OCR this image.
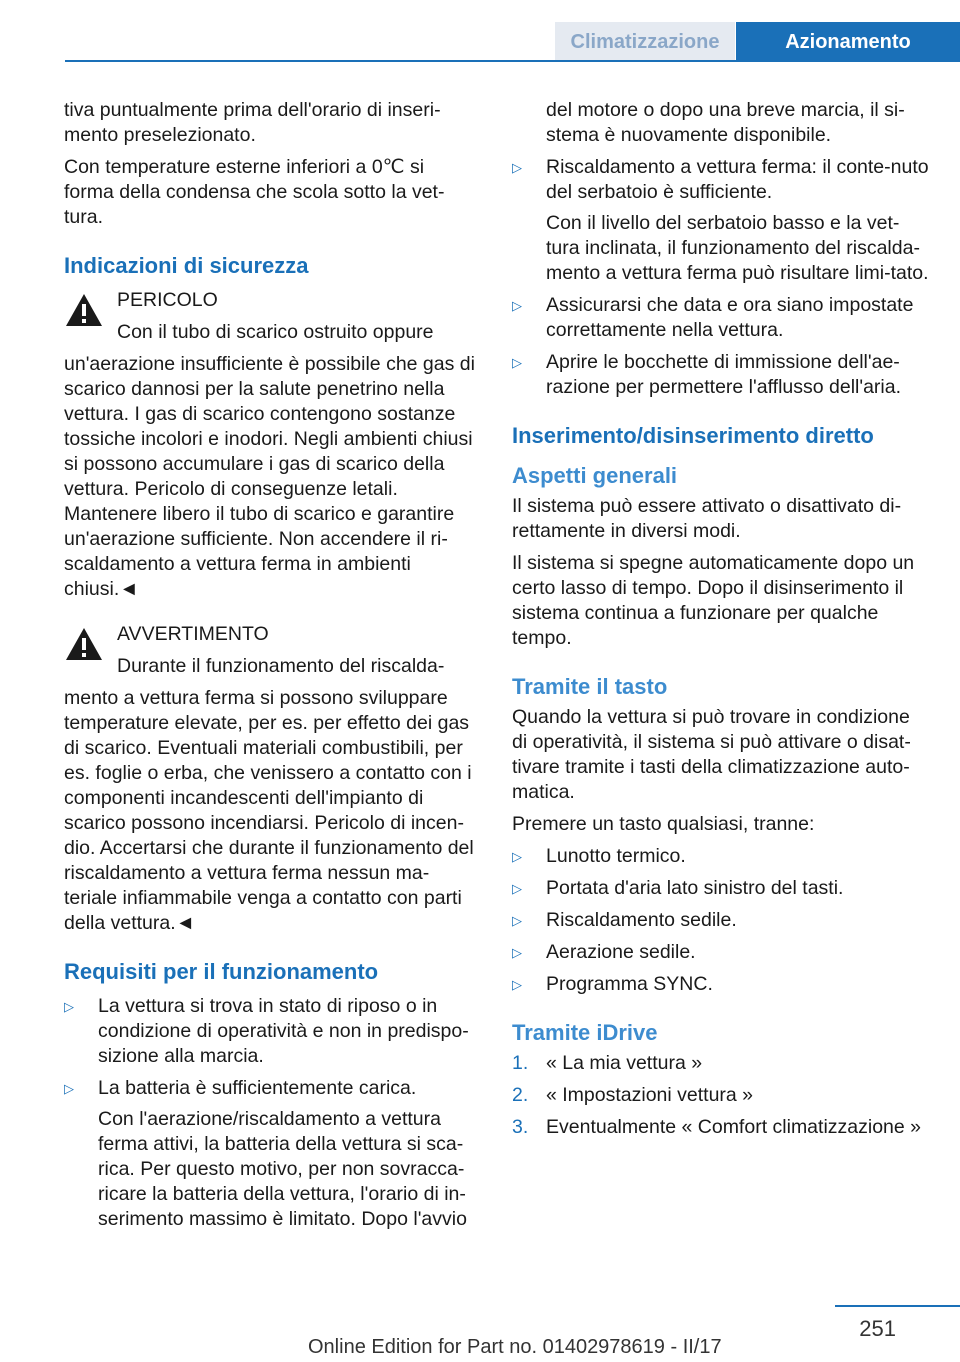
Climatizzazione	Azionamento

tiva puntualmente prima dell'orario di inseri‐mento preselezionato.

Con temperature esterne inferiori a 0℃ si forma della condensa che scola sotto la vet‐tura.

Indicazioni di sicurezza

PERICOLO

Con il tubo di scarico ostruito oppure

un'aerazione insufficiente è possibile che gas di scarico dannosi per la salute penetrino nella vettura. I gas di scarico contengono sostanze tossiche incolori e inodori. Negli ambienti chiusi si possono accumulare i gas di scarico della vettura. Pericolo di conseguenze letali. Mantenere libero il tubo di scarico e garantire un'aerazione sufficiente. Non accendere il ri‐scaldamento a vettura ferma in ambienti chiusi.◄

AVVERTIMENTO

Durante il funzionamento del riscalda‐

mento a vettura ferma si possono sviluppare temperature elevate, per es. per effetto dei gas di scarico. Eventuali materiali combustibili, per es. foglie o erba, che venissero a contatto con i componenti incandescenti dell'impianto di scarico possono incendiarsi. Pericolo di incen‐dio. Accertarsi che durante il funzionamento del riscaldamento a vettura ferma nessun ma‐teriale infiammabile venga a contatto con parti della vettura.◄

Requisiti per il funzionamento
▷ La vettura si trova in stato di riposo o in condizione di operatività e non in predispo‐sizione alla marcia.

▷ La batteria è sufficientemente carica.

Con l'aerazione/riscaldamento a vettura ferma attivi, la batteria della vettura si sca‐rica. Per questo motivo, per non sovracca‐ricare la batteria della vettura, l'orario di in‐serimento massimo è limitato. Dopo l'avvio

del motore o dopo una breve marcia, il si‐stema è nuovamente disponibile.

▷ Riscaldamento a vettura ferma: il conte‐nuto del serbatoio è sufficiente.

Con il livello del serbatoio basso e la vet‐tura inclinata, il funzionamento del riscalda‐mento a vettura ferma può risultare limi‐tato.

▷ Assicurarsi che data e ora siano impostate correttamente nella vettura.

▷ Aprire le bocchette di immissione dell'ae‐razione per permettere l'afflusso dell'aria.

Inserimento/disinserimento diretto
Aspetti generali

Il sistema può essere attivato o disattivato di‐rettamente in diversi modi.

Il sistema si spegne automaticamente dopo un certo lasso di tempo. Dopo il disinserimento il sistema continua a funzionare per qualche tempo.

Tramite il tasto

Quando la vettura si può trovare in condizione di operatività, il sistema si può attivare o disat‐tivare tramite i tasti della climatizzazione auto‐matica.

Premere un tasto qualsiasi, tranne:

▷ Lunotto termico.

▷ Portata d'aria lato sinistro del tasti.

▷ Riscaldamento sedile.

▷ Aerazione sedile.

▷ Programma SYNC.

Tramite iDrive
1. « La mia vettura »

2. « Impostazioni vettura »

3. Eventualmente « Comfort climatizzazione »

251
Online Edition for Part no. 01402978619 - II/17
